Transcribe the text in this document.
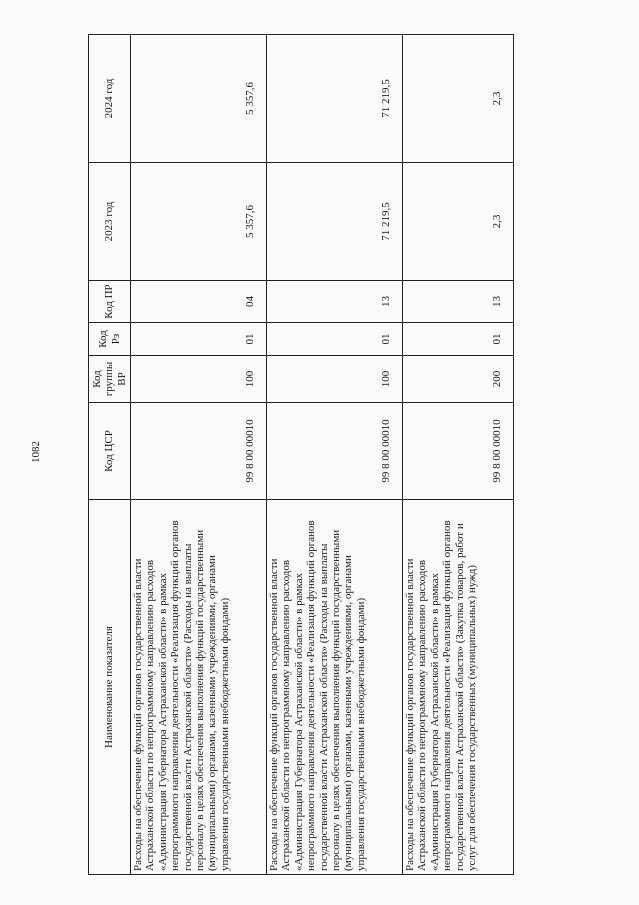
1082
Наименование показателя	Код ЦСР	Код группы ВР	Код Рз	Код ПР	2023 год	2024 год
Расходы на обеспечение функций органов государственной власти Астраханской области по непрограммному направлению расходов «Администрация Губернатора Астраханской области» в рамках непрограммного направления деятельности «Реализация функций органов государственной власти Астраханской области» (Расходы на выплаты персоналу в целях обеспечения выполнения функций государственными (муниципальными) органами, казенными учреждениями, органами управления государственными внебюджетными фондами)	99 8 00 00010	100	01	04	5 357,6	5 357,6
Расходы на обеспечение функций органов государственной власти Астраханской области по непрограммному направлению расходов «Администрация Губернатора Астраханской области» в рамках непрограммного направления деятельности «Реализация функций органов государственной власти Астраханской области» (Расходы на выплаты персоналу в целях обеспечения выполнения функций государственными (муниципальными) органами, казенными учреждениями, органами управления государственными внебюджетными фондами)	99 8 00 00010	100	01	13	71 219,5	71 219,5
Расходы на обеспечение функций органов государственной власти Астраханской области по непрограммному направлению расходов «Администрация Губернатора Астраханской области» в рамках непрограммного направления деятельности «Реализация функций органов государственной власти Астраханской области» (Закупка товаров, работ и услуг для обеспечения государственных (муниципальных) нужд)	99 8 00 00010	200	01	13	2,3	2,3
